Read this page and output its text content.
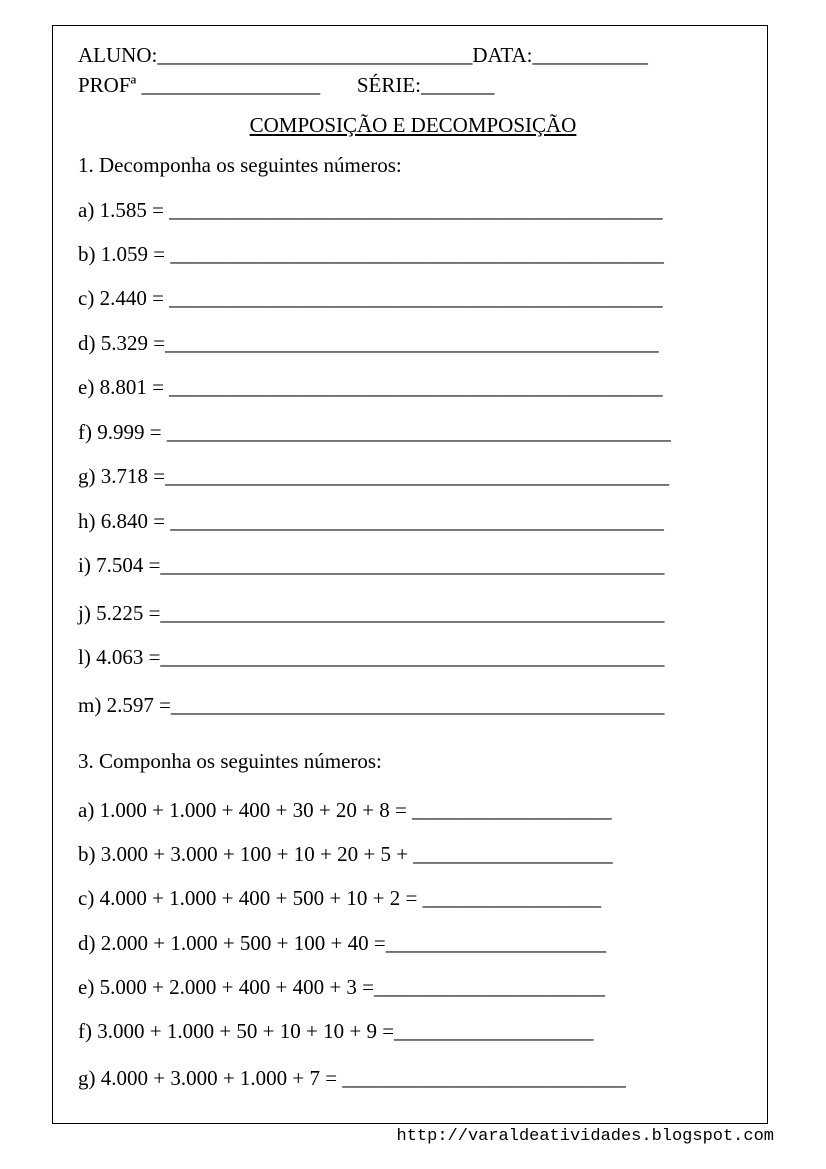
ALUNO:______________________________DATA:___________
PROFª _________________       SÉRIE:_______
COMPOSIÇÃO E DECOMPOSIÇÃO
1. Decomponha os seguintes números:
a) 1.585 = _______________________________________________
b) 1.059 = _______________________________________________
c) 2.440 = _______________________________________________
d) 5.329 =_______________________________________________
e) 8.801 = _______________________________________________
f) 9.999 = ________________________________________________
g) 3.718 =________________________________________________
h) 6.840 = _______________________________________________
i) 7.504 =________________________________________________
j) 5.225 =________________________________________________
l) 4.063 =________________________________________________
m) 2.597 =_______________________________________________
3. Componha os seguintes números:
a) 1.000 + 1.000 + 400 + 30 + 20 + 8 = ___________________
b) 3.000 + 3.000 + 100 + 10 + 20 + 5 + ___________________
c) 4.000 + 1.000 + 400 + 500 + 10 + 2 = _________________
d) 2.000 + 1.000 + 500 + 100 + 40 =_____________________
e) 5.000 + 2.000 + 400 + 400 + 3 =______________________
f) 3.000 + 1.000 + 50 + 10 + 10 + 9 =___________________
g) 4.000 + 3.000 + 1.000 + 7 = ___________________________
http://varaldeatividades.blogspot.com
